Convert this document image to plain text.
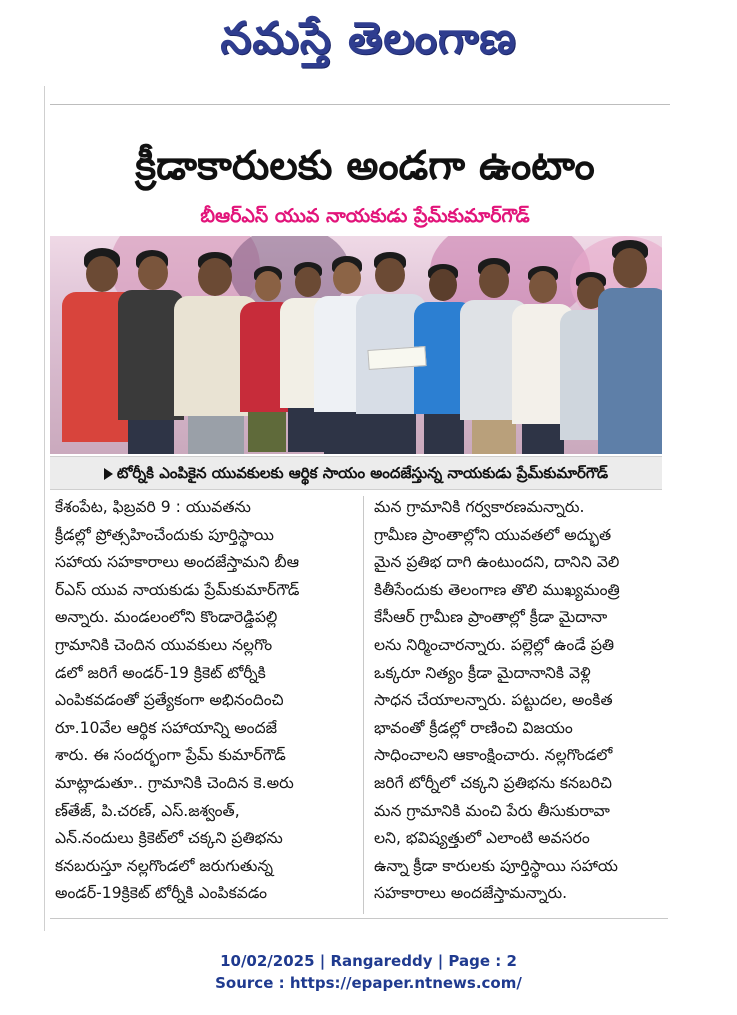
నమస్తే తెలంగాణ
క్రీడాకారులకు అండగా ఉంటాం
బీఆర్‌ఎస్ యువ నాయకుడు ప్రేమ్‌కుమార్‌గౌడ్
టోర్నీకి ఎంపికైన యువకులకు ఆర్థిక సాయం అందజేస్తున్న నాయకుడు ప్రేమ్‌కుమార్‌గౌడ్
కేశంపేట, ఫిబ్రవరి 9 : యువతను
క్రీడల్లో ప్రోత్సహించేందుకు పూర్తిస్థాయి
సహాయ సహకారాలు అందజేస్తామని బీఆ
ర్‌ఎస్ యువ నాయకుడు ప్రేమ్‌కుమార్‌గౌడ్
అన్నారు. మండలంలోని కొండారెడ్డిపల్లి
గ్రామానికి చెందిన యువకులు నల్లగొం
డలో జరిగే అండర్-19 క్రికెట్ టోర్నీకి
ఎంపికవడంతో ప్రత్యేకంగా అభినందించి
రూ.10వేల ఆర్థిక సహాయాన్ని అందజే
శారు. ఈ సందర్భంగా ప్రేమ్ కుమార్‌గౌడ్
మాట్లాడుతూ.. గ్రామానికి చెందిన కె.అరు
ణ్‌తేజ్, పి.చరణ్, ఎస్.జశ్వంత్,
ఎన్.నందులు క్రికెట్‌లో చక్కని ప్రతిభను
కనబరుస్తూ నల్లగొండలో జరుగుతున్న
అండర్-19క్రికెట్ టోర్నీకి ఎంపికవడం
మన గ్రామానికి గర్వకారణమన్నారు.
గ్రామీణ ప్రాంతాల్లోని యువతలో అద్భుత
మైన ప్రతిభ దాగి ఉంటుందని, దానిని వెలి
కితీసేందుకు తెలంగాణ తొలి ముఖ్యమంత్రి
కేసీఆర్ గ్రామీణ ప్రాంతాల్లో క్రీడా మైదానా
లను నిర్మించారన్నారు. పల్లెల్లో ఉండే ప్రతి
ఒక్కరూ నిత్యం క్రీడా మైదానానికి వెళ్లి
సాధన చేయాలన్నారు. పట్టుదల, అంకిత
భావంతో క్రీడల్లో రాణించి విజయం
సాధించాలని ఆకాంక్షించారు. నల్లగొండలో
జరిగే టోర్నీలో చక్కని ప్రతిభను కనబరిచి
మన గ్రామానికి మంచి పేరు తీసుకురావా
లని, భవిష్యత్తులో ఎలాంటి అవసరం
ఉన్నా క్రీడా కారులకు పూర్తిస్థాయి సహాయ
సహకారాలు అందజేస్తామన్నారు.
10/02/2025 | Rangareddy | Page : 2
Source : https://epaper.ntnews.com/
